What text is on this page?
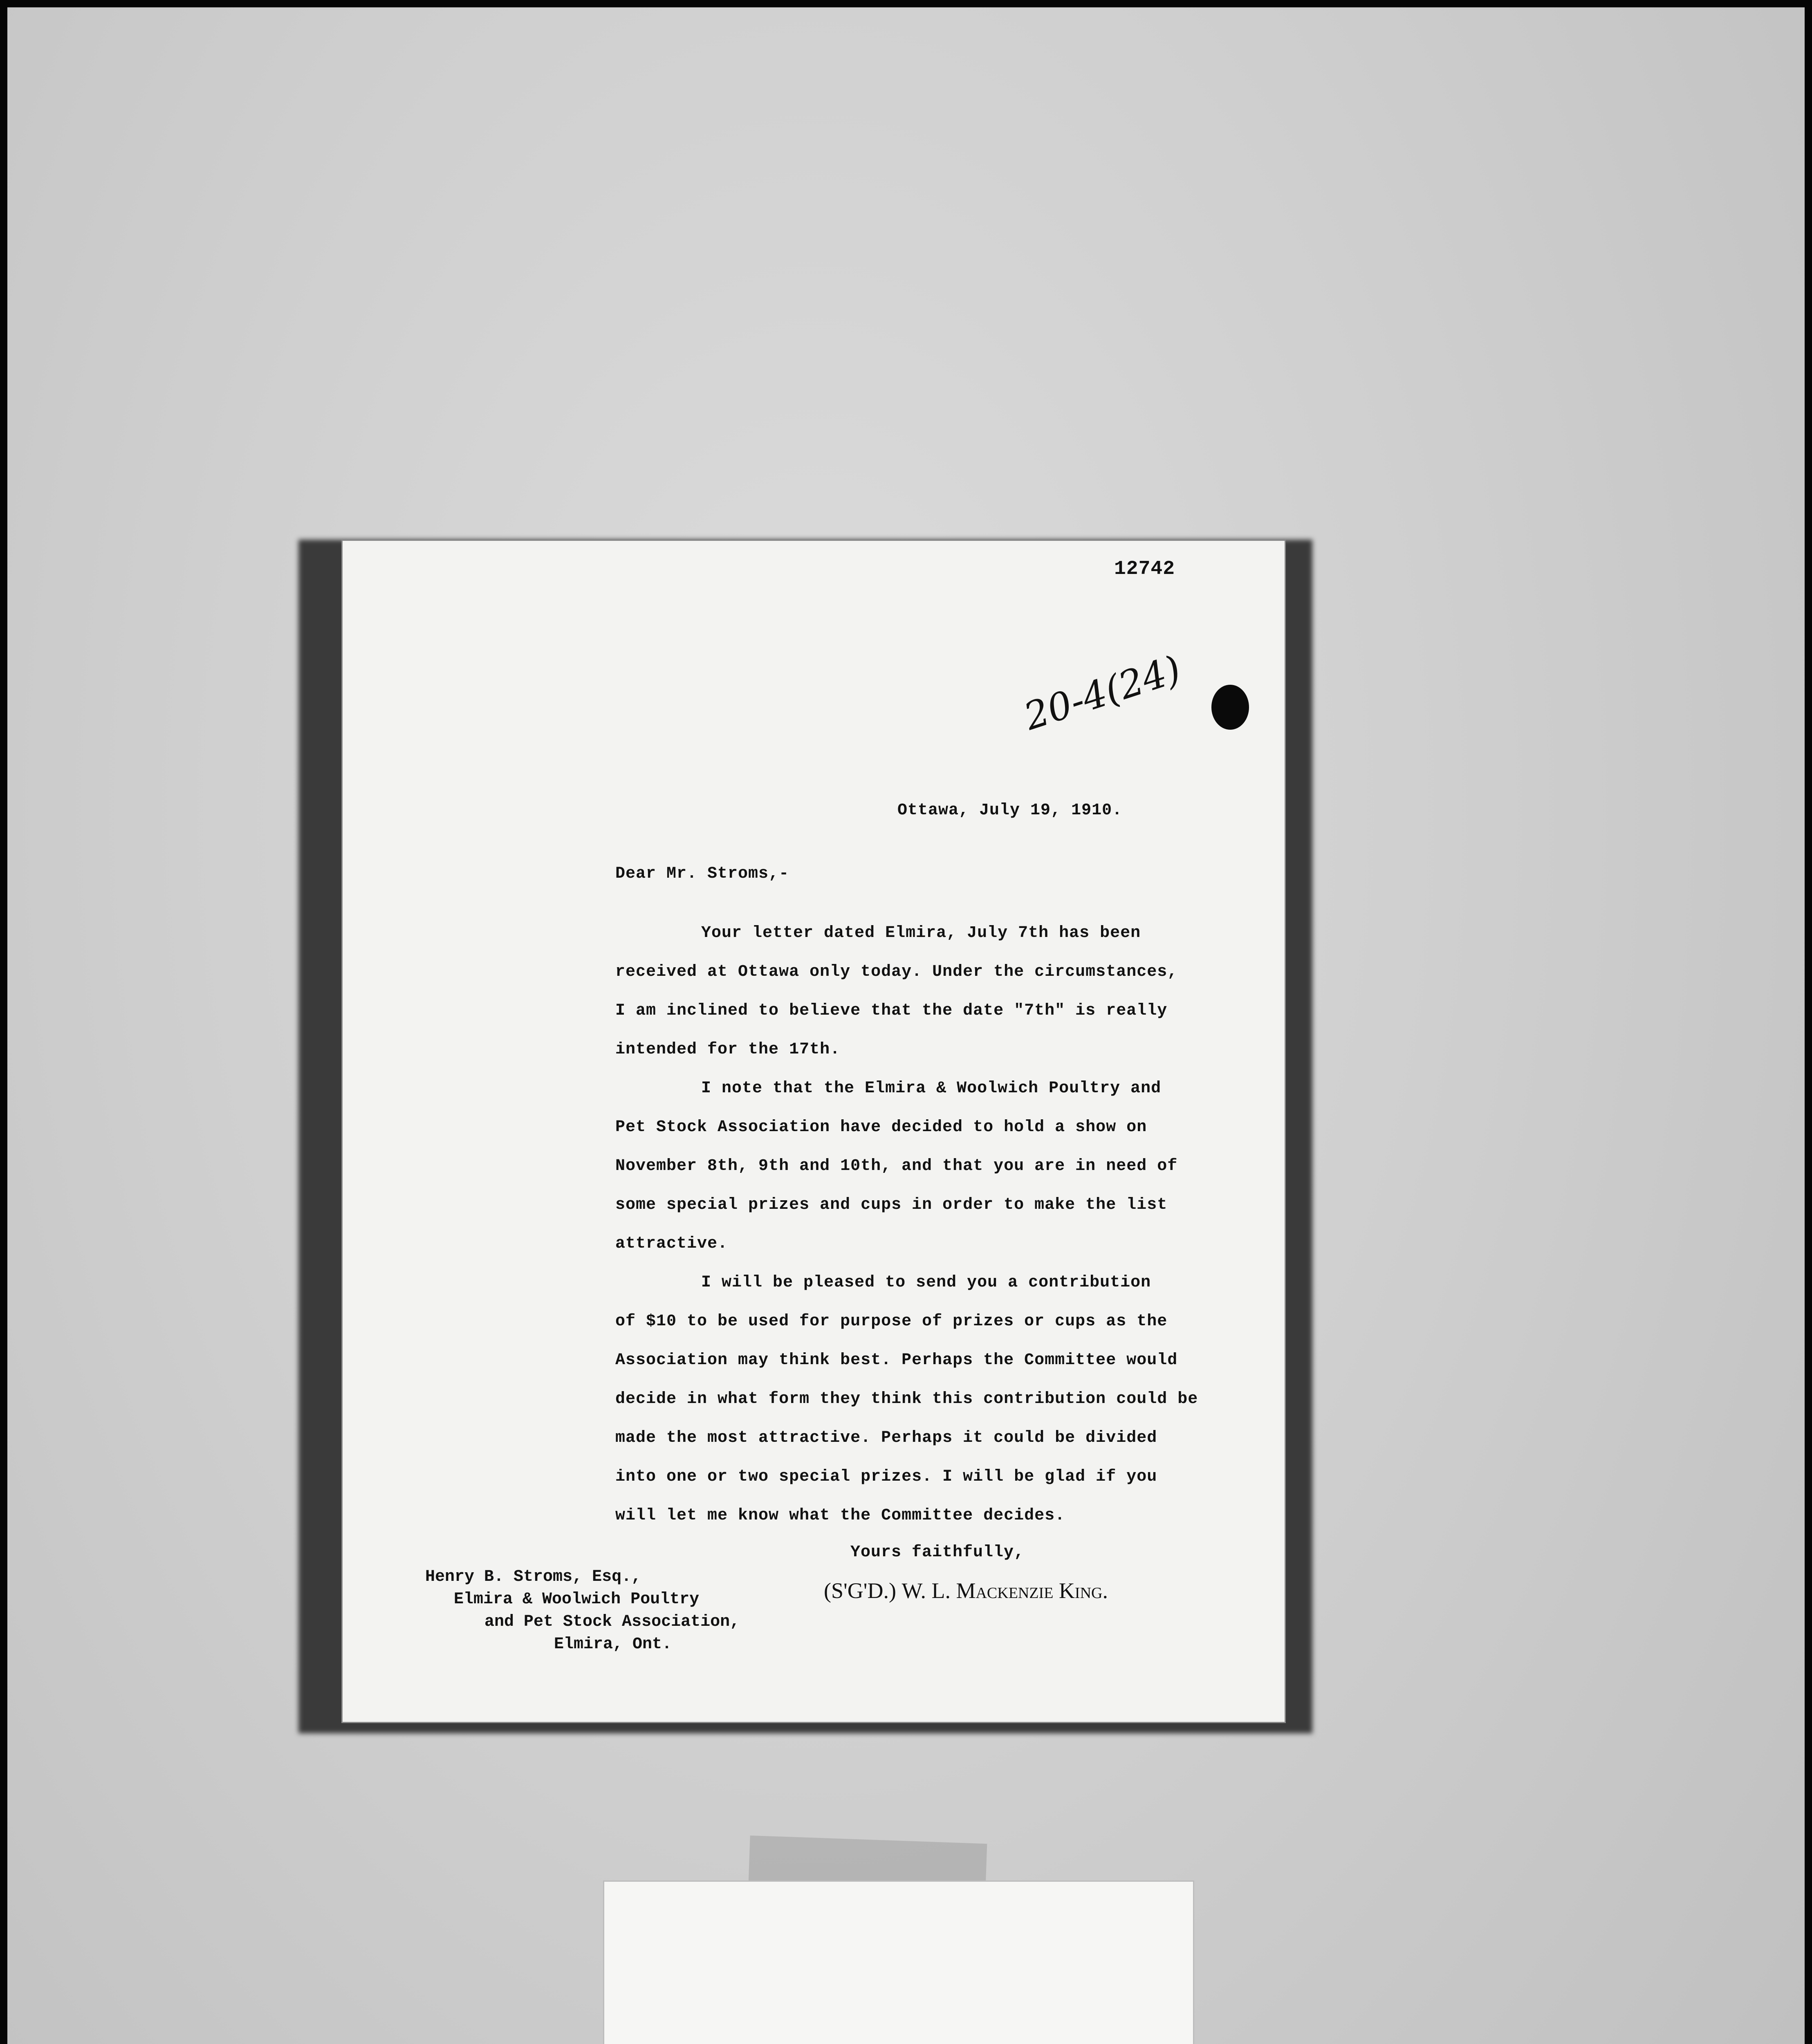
12742
20-4(24)
Ottawa, July 19, 1910.
Dear Mr. Stroms,-
Your letter dated Elmira, July 7th has been
received at Ottawa only today. Under the circumstances,
I am inclined to believe that the date "7th" is really
intended for the 17th.
I note that the Elmira & Woolwich Poultry and
Pet Stock Association have decided to hold a show on
November 8th, 9th and 10th, and that you are in need of
some special prizes and cups in order to make the list
attractive.
I will be pleased to send you a contribution
of $10 to be used for purpose of prizes or cups as the
Association may think best. Perhaps the Committee would
decide in what form they think this contribution could be
made the most attractive. Perhaps it could be divided
into one or two special prizes. I will be glad if you
will let me know what the Committee decides.
Yours faithfully,
(S'G'D.) W. L. Mackenzie King.
Henry B. Stroms, Esq.,
Elmira & Woolwich Poultry
and Pet Stock Association,
Elmira, Ont.
